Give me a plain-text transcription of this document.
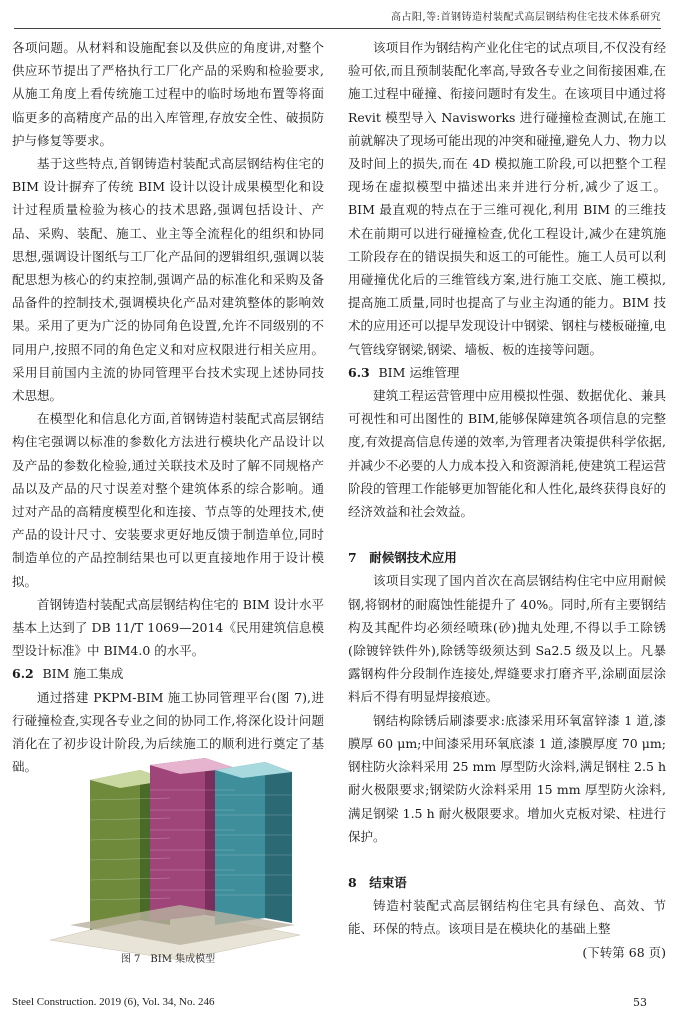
高占阳,等:首钢铸造村装配式高层钢结构住宅技术体系研究

各项问题。从材料和设施配套以及供应的角度讲,对整个供应环节提出了严格执行工厂化产品的采购和检验要求,从施工角度上看传统施工过程中的临时场地布置等将面临更多的高精度产品的出入库管理,存放安全性、破损防护与修复等要求。

基于这些特点,首钢铸造村装配式高层钢结构住宅的 BIM 设计摒弃了传统 BIM 设计以设计成果模型化和设计过程质量检验为核心的技术思路,强调包括设计、产品、采购、装配、施工、业主等全流程化的组织和协同思想,强调设计图纸与工厂化产品间的逻辑组织,强调以装配思想为核心的约束控制,强调产品的标准化和采购及备品备件的控制技术,强调模块化产品对建筑整体的影响效果。采用了更为广泛的协同角色设置,允许不同级别的不同用户,按照不同的角色定义和对应权限进行相关应用。采用目前国内主流的协同管理平台技术实现上述协同技术思想。

在模型化和信息化方面,首钢铸造村装配式高层钢结构住宅强调以标准的参数化方法进行模块化产品设计以及产品的参数化检验,通过关联技术及时了解不同规格产品以及产品的尺寸误差对整个建筑体系的综合影响。通过对产品的高精度模型化和连接、节点等的处理技术,使产品的设计尺寸、安装要求更好地反馈于制造单位,同时制造单位的产品控制结果也可以更直接地作用于设计模拟。

首钢铸造村装配式高层钢结构住宅的 BIM 设计水平基本上达到了 DB 11/T 1069—2014《民用建筑信息模型设计标准》中 BIM4.0 的水平。

6.2 BIM 施工集成

通过搭建 PKPM-BIM 施工协同管理平台(图 7),进行碰撞检查,实现各专业之间的协同工作,将深化设计问题消化在了初步设计阶段,为后续施工的顺利进行奠定了基础。

图 7　BIM 集成模型

该项目作为钢结构产业化住宅的试点项目,不仅没有经验可依,而且预制装配化率高,导致各专业之间衔接困难,在施工过程中碰撞、衔接问题时有发生。在该项目中通过将 Revit 模型导入 Navisworks 进行碰撞检查测试,在施工前就解决了现场可能出现的冲突和碰撞,避免人力、物力以及时间上的损失,而在 4D 模拟施工阶段,可以把整个工程现场在虚拟模型中描述出来并进行分析,减少了返工。BIM 最直观的特点在于三维可视化,利用 BIM 的三维技术在前期可以进行碰撞检查,优化工程设计,减少在建筑施工阶段存在的错误损失和返工的可能性。施工人员可以利用碰撞优化后的三维管线方案,进行施工交底、施工模拟,提高施工质量,同时也提高了与业主沟通的能力。BIM 技术的应用还可以提早发现设计中钢梁、钢柱与楼板碰撞,电气管线穿钢梁,钢梁、墙板、板的连接等问题。

6.3 BIM 运维管理

建筑工程运营管理中应用模拟性强、数据优化、兼具可视性和可出图性的 BIM,能够保障建筑各项信息的完整度,有效提高信息传递的效率,为管理者决策提供科学依据,并减少不必要的人力成本投入和资源消耗,使建筑工程运营阶段的管理工作能够更加智能化和人性化,最终获得良好的经济效益和社会效益。

7　耐候钢技术应用

该项目实现了国内首次在高层钢结构住宅中应用耐候钢,将钢材的耐腐蚀性能提升了 40%。同时,所有主要钢结构及其配件均必须经喷珠(砂)抛丸处理,不得以手工除锈(除镀锌铁件外),除锈等级须达到 Sa2.5 级及以上。凡暴露钢构件分段制作连接处,焊缝要求打磨齐平,涂刷面层涂料后不得有明显焊接痕迹。

钢结构除锈后刷漆要求:底漆采用环氧富锌漆 1 道,漆膜厚 60 μm;中间漆采用环氧底漆 1 道,漆膜厚度 70 μm;钢柱防火涂料采用 25 mm 厚型防火涂料,满足钢柱 2.5 h 耐火极限要求;钢梁防火涂料采用 15 mm 厚型防火涂料,满足钢梁 1.5 h 耐火极限要求。增加火克板对梁、柱进行保护。

8　结束语

铸造村装配式高层钢结构住宅具有绿色、高效、节能、环保的特点。该项目是在模块化的基础上整

(下转第 68 页)

Steel Construction. 2019 (6), Vol. 34, No. 246	53
